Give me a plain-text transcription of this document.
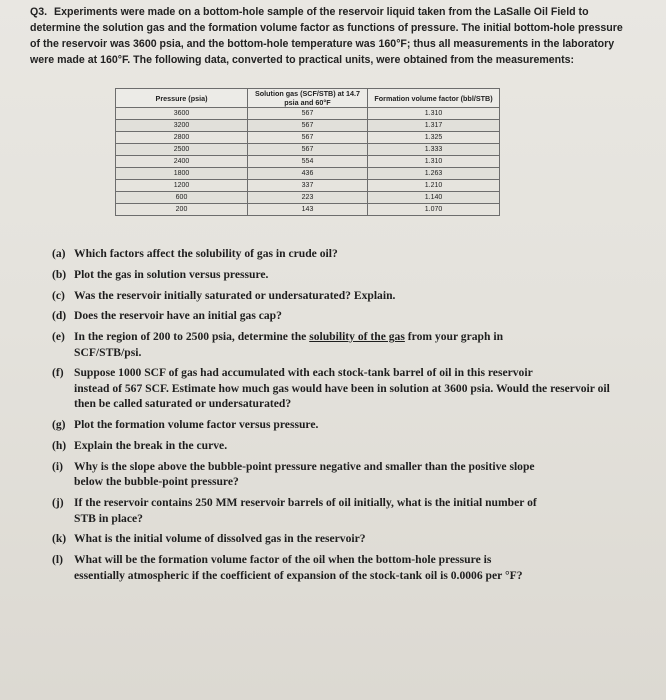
Q3. Experiments were made on a bottom-hole sample of the reservoir liquid taken from the LaSalle Oil Field to determine the solution gas and the formation volume factor as functions of pressure. The initial bottom-hole pressure of the reservoir was 3600 psia, and the bottom-hole temperature was 160°F; thus all measurements in the laboratory were made at 160°F. The following data, converted to practical units, were obtained from the measurements:
Pressure (psia)	Solution gas (SCF/STB) at 14.7 psia and 60°F	Formation volume factor (bbl/STB)
3600	567	1.310
3200	567	1.317
2800	567	1.325
2500	567	1.333
2400	554	1.310
1800	436	1.263
1200	337	1.210
600	223	1.140
200	143	1.070
(a) Which factors affect the solubility of gas in crude oil?
(b) Plot the gas in solution versus pressure.
(c) Was the reservoir initially saturated or undersaturated? Explain.
(d) Does the reservoir have an initial gas cap?
(e) In the region of 200 to 2500 psia, determine the solubility of the gas from your graph in
SCF/STB/psi.
(f) Suppose 1000 SCF of gas had accumulated with each stock-tank barrel of oil in this reservoir
instead of 567 SCF. Estimate how much gas would have been in solution at 3600 psia. Would the reservoir oil then be called saturated or undersaturated?
(g) Plot the formation volume factor versus pressure.
(h) Explain the break in the curve.
(i) Why is the slope above the bubble-point pressure negative and smaller than the positive slope
below the bubble-point pressure?
(j) If the reservoir contains 250 MM reservoir barrels of oil initially, what is the initial number of
STB in place?
(k) What is the initial volume of dissolved gas in the reservoir?
(l) What will be the formation volume factor of the oil when the bottom-hole pressure is
essentially atmospheric if the coefficient of expansion of the stock-tank oil is 0.0006 per °F?
